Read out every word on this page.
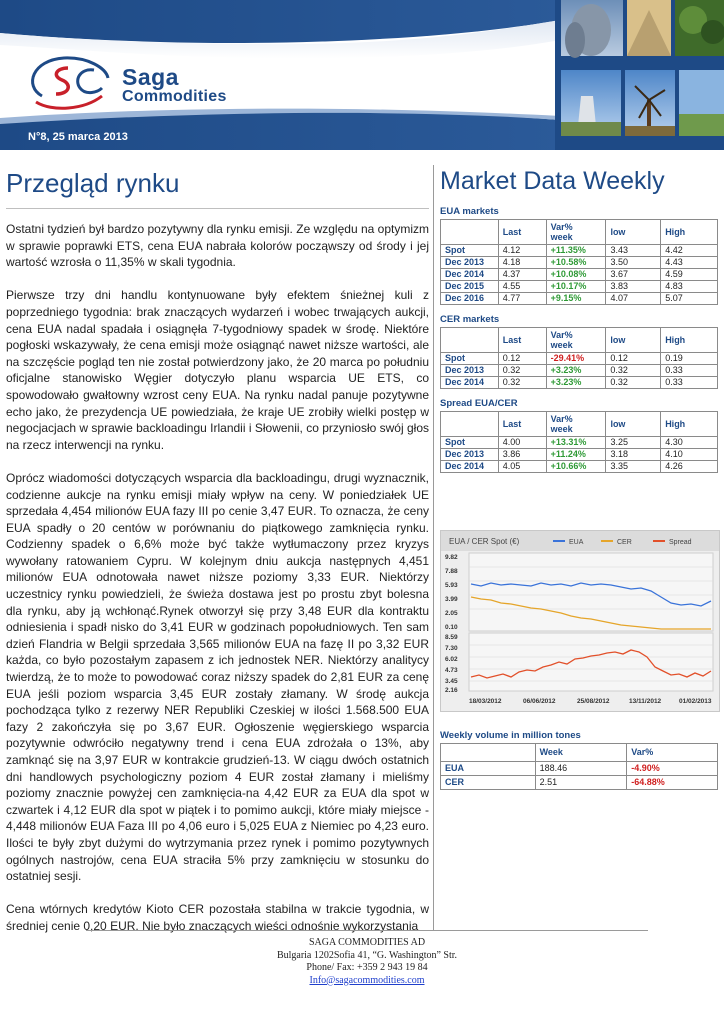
Saga
Commodities
N°8, 25 marca 2013
Przegląd rynku

Ostatni tydzień był bardzo pozytywny dla rynku emisji. Ze względu na optymizm w sprawie poprawki ETS, cena EUA nabrała kolorów począwszy od środy i jej wartość wzrosła o 11,35% w skali tygodnia.

Pierwsze trzy dni handlu kontynuowane były efektem śnieżnej kuli z poprzedniego tygodnia: brak znaczących wydarzeń i wobec trwających aukcji, cena EUA nadal spadała i osiągnęła 7-tygodniowy spadek w środę. Niektóre pogłoski wskazywały, że cena emisji może osiągnąć nawet niższe wartości, ale na szczęście pogląd ten nie został potwierdzony jako, że 20 marca po południu oficjalne stanowisko Węgier dotyczyło planu wsparcia UE ETS, co spowodowało gwałtowny wzrost ceny EUA. Na rynku nadal panuje pozytywne echo jako, że prezydencja UE powiedziała, że kraje UE zrobiły wielki postęp w negocjacjach w sprawie backloadingu Irlandii i Słowenii, co przyniosło swój głos na rzecz interwencji na rynku.

Oprócz wiadomości dotyczących wsparcia dla backloadingu, drugi wyznacznik, codzienne aukcje na rynku emisji miały wpływ na ceny. W poniedziałek UE sprzedała 4,454 milionów EUA fazy III po cenie 3,47 EUR. To oznacza, że ceny EUA spadły o 20 centów w porównaniu do piątkowego zamknięcia rynku. Codzienny spadek o 6,6% może być także wytłumaczony przez kryzys wywołany ratowaniem Cypru. W kolejnym dniu aukcja następnych 4,451 milionów EUA odnotowała nawet niższe poziomy 3,33 EUR. Niektórzy uczestnicy rynku powiedzieli, że świeża dostawa jest po prostu zbyt bolesna dla rynku, aby ją wchłonąć.Rynek otworzył się przy 3,48 EUR dla kontraktu odniesienia i spadł nisko do 3,41 EUR w godzinach popołudniowych. Ten sam dzień Flandria w Belgii sprzedała 3,565 milionów EUA na fazę II po 3,32 EUR każda, co było pozostałym zapasem z ich jednostek NER. Niektórzy analitycy twierdzą, że to może to powodować coraz niższy spadek do 2,81 EUR za cenę EUA jeśli poziom wsparcia 3,45 EUR zostały złamany. W środę aukcja pochodząca tylko z rezerwy NER Republiki Czeskiej w ilości 1.568.500 EUA fazy 2 zakończyła się po 3,67 EUR. Ogłoszenie węgierskiego wsparcia pozytywnie odwróciło negatywny trend i cena EUA zdrożała o 13%, aby zamknąć się na 3,97 EUR w kontrakcie grudzień-13. W ciągu dwóch ostatnich dni handlowych psychologiczny poziom 4 EUR został złamany i mieliśmy poziomy znacznie powyżej cen zamknięcia-na 4,42 EUR za EUA dla spot w czwartek i 4,12 EUR dla spot w piątek i to pomimo aukcji, które miały miejsce - 4,448 milionów EUA Faza III po 4,06 euro i 5,025 EUA z Niemiec po 4,23 euro. Ilości te były zbyt dużymi do wytrzymania przez rynek i pomimo pozytywnych ogólnych nastrojów, cena EUA straciła 5% przy zamknięciu w stosunku do ostatniej sesji.

Cena wtórnych kredytów Kioto CER pozostała stabilna w trakcie tygodnia, w średniej cenie 0,20 EUR. Nie było znaczących wieści odnośnie wykorzystania

Market Data Weekly
EUA markets
	Last	Var%
week	low	High
Spot	4.12	+11.35%	3.43	4.42
Dec 2013	4.18	+10.58%	3.50	4.43
Dec 2014	4.37	+10.08%	3.67	4.59
Dec 2015	4.55	+10.17%	3.83	4.83
Dec 2016	4.77	+9.15%	4.07	5.07
CER markets
	Last	Var%
week	low	High
Spot	0.12	-29.41%	0.12	0.19
Dec 2013	0.32	+3.23%	0.32	0.33
Dec 2014	0.32	+3.23%	0.32	0.33
Spread EUA/CER
	Last	Var%
week	low	High
Spot	4.00	+13.31%	3.25	4.30
Dec 2013	3.86	+11.24%	3.18	4.10
Dec 2014	4.05	+10.66%	3.35	4.26
EUA / CER Spot (€)	EUA	CER	Spread
9.82
7.88
5.93
3.99
2.05
0.10
8.59
7.30
6.02
4.73
3.45
2.16
18/03/2012	06/06/2012	25/08/2012	13/11/2012	01/02/2013
Weekly volume in million tones
	Week	Var%
EUA	188.46	-4.90%
CER	2.51	-64.88%
SAGA COMMODITIES AD
Bulgaria 1202Sofia 41, “G. Washington” Str.
Phone/ Fax: +359 2 943 19 84
Info@sagacommodities.com
